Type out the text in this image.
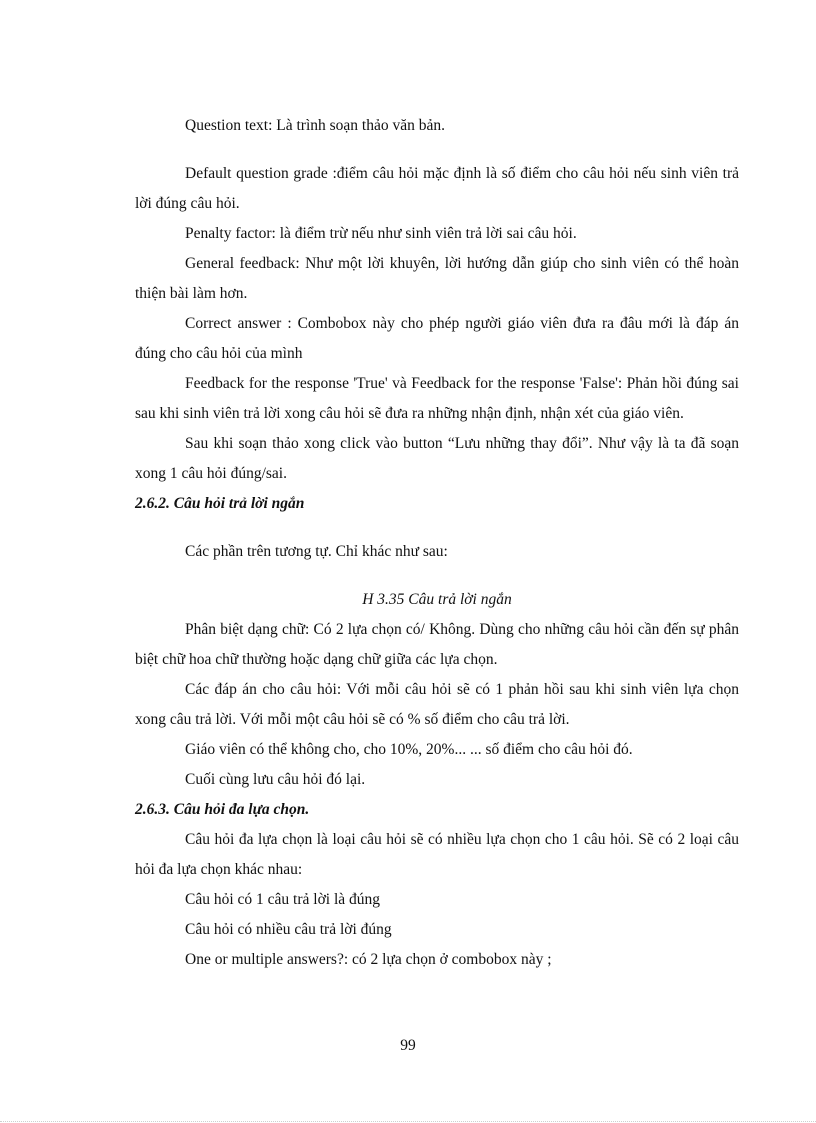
Question text: Là trình soạn thảo văn bản.

Default question grade :điểm câu hỏi mặc định là số điểm cho câu hỏi nếu sinh viên trả lời đúng câu hỏi.

Penalty factor: là điểm trừ nếu như sinh viên trả lời sai câu hỏi.

General feedback: Như một lời khuyên, lời hướng dẫn giúp cho sinh viên có thể hoàn thiện bài làm hơn.

Correct answer : Combobox này cho phép người giáo viên đưa ra đâu mới là đáp án đúng cho câu hỏi của mình

Feedback for the response 'True' và Feedback for the response 'False': Phản hồi đúng sai sau khi sinh viên trả lời xong câu hỏi sẽ đưa ra những nhận định, nhận xét của giáo viên.

Sau khi soạn thảo xong click vào button “Lưu những thay đổi”. Như vậy là ta đã soạn xong 1 câu hỏi đúng/sai.

2.6.2. Câu hỏi trả lời ngắn

Các phần trên tương tự. Chỉ khác như sau:

H 3.35 Câu trả lời ngắn

Phân biệt dạng chữ: Có 2 lựa chọn có/ Không. Dùng cho những câu hỏi cần đến sự phân biệt chữ hoa chữ thường hoặc dạng chữ giữa các lựa chọn.

Các đáp án cho câu hỏi: Với mỗi câu hỏi sẽ có 1 phản hồi sau khi sinh viên lựa chọn xong câu trả lời. Với mỗi một câu hỏi sẽ có % số điểm cho câu trả lời.

Giáo viên có thể không cho, cho 10%, 20%... ... số điểm cho câu hỏi đó.

Cuối cùng lưu câu hỏi đó lại.

2.6.3. Câu hỏi đa lựa chọn.

Câu hỏi đa lựa chọn là loại câu hỏi sẽ có nhiều lựa chọn cho 1 câu hỏi. Sẽ có 2 loại câu hỏi đa lựa chọn khác nhau:

Câu hỏi có 1 câu trả lời là đúng

Câu hỏi có nhiều câu trả lời đúng

One or multiple answers?: có 2 lựa chọn ở combobox này ;

99
